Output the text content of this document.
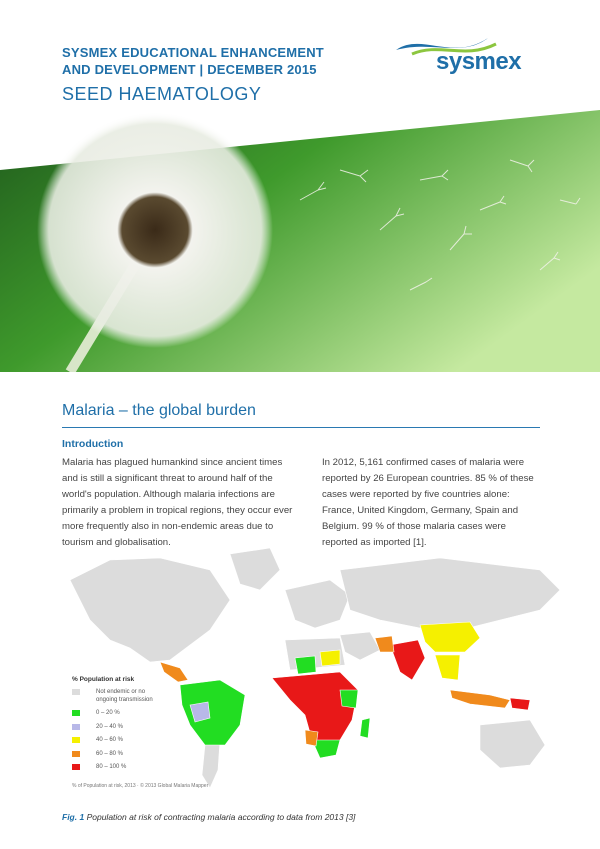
SYSMEX EDUCATIONAL ENHANCEMENT
AND DEVELOPMENT | DECEMBER 2015
SEED HAEMATOLOGY
sysmex
Malaria – the global burden
Introduction

Malaria has plagued humankind since ancient times and is still a significant threat to around half of the world's population. Although malaria infections are primarily a problem in tropical regions, they occur ever more frequently also in non-endemic areas due to tourism and globalisation.

In 2012, 5,161 confirmed cases of malaria were reported by 26 European countries. 85 % of these cases were reported by five countries alone: France, United Kingdom, Germany, Spain and Belgium. 99 % of those malaria cases were reported as imported [1].

% Population at risk
Not endemic or no ongoing transmission
0 – 20 %
20 – 40 %
40 – 60 %
60 – 80 %
80 – 100 %
% of Population at risk, 2013 · © 2013 Global Malaria Mapper
Fig. 1 Population at risk of contracting malaria according to data from 2013 [3]
